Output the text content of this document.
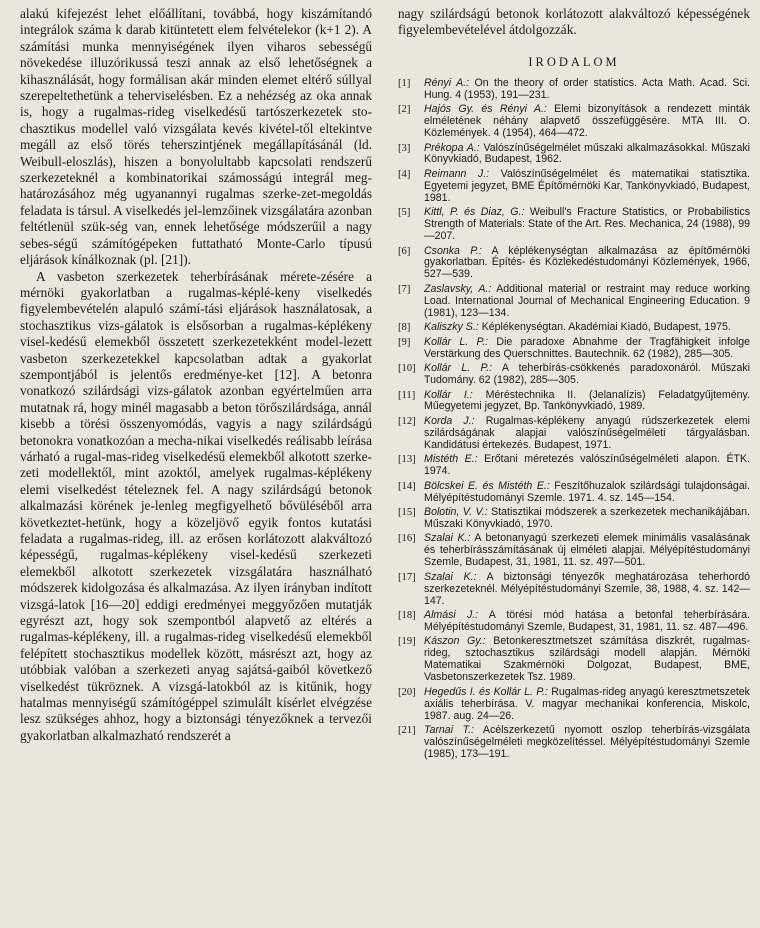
alakú kifejezést lehet előállítani, továbbá, hogy kiszámítandó integrálok száma k darab kitüntetett elem felvételekor (k+1 2). A számítási munka mennyiségének ilyen viharos sebességű növekedése illuzórikussá teszi annak az első lehetőségnek a kihasználását, hogy formálisan akár minden elemet eltérő súllyal szerepeltethetünk a teherviselésben. Ez a nehézség az oka annak is, hogy a rugalmas-rideg viselkedésű tartószerkezetek sto-chasztikus modellel való vizsgálata kevés kivétel-től eltekintve megáll az első törés teherszintjének megállapításánál (ld. Weibull-eloszlás), hiszen a bonyolultabb kapcsolati rendszerű szerkezeteknél a kombinatorikai számosságú integrál meg-határozásához még ugyanannyi rugalmas szerke-zet-megoldás feladata is társul. A viselkedés jel-lemzőinek vizsgálatára azonban feltétlenül szük-ség van, ennek lehetősége módszerűil a nagy sebes-ségű számítógépeken futtatható Monte-Carlo típusú eljárások kínálkoznak (pl. [21]).

A vasbeton szerkezetek teherbírásának mérete-zésére a mérnöki gyakorlatban a rugalmas-képlé-keny viselkedés figyelembevételén alapuló számí-tási eljárások használatosak, a stochasztikus vizs-gálatok is elsősorban a rugalmas-képlékeny visel-kedésű elemekből összetett szerkezetekként model-lezett vasbeton szerkezetekkel kapcsolatban adtak a gyakorlat szempontjából is jelentős eredménye-ket [12]. A betonra vonatkozó szilárdsági vizs-gálatok azonban egyértelműen arra mutatnak rá, hogy minél magasabb a beton törőszilárdsága, annál kisebb a törési összenyomódás, vagyis a nagy szilárdságú betonokra vonatkozóan a mecha-nikai viselkedés reálisabb leírása várható a rugal-mas-rideg viselkedésű elemekből alkotott szerke-zeti modellektől, mint azoktól, amelyek rugalmas-képlékeny elemi viselkedést tételeznek fel. A nagy szilárdságú betonok alkalmazási körének je-lenleg megfigyelhető bővüléséből arra következtet-hetünk, hogy a közeljövő egyik fontos kutatási feladata a rugalmas-rideg, ill. az erősen korlátozott alakváltozó képességű, rugalmas-képlékeny visel-kedésű szerkezeti elemekből alkotott szerkezetek vizsgálatára használható módszerek kidolgozása és alkalmazása. Az ilyen irányban indított vizsgá-latok [16—20] eddigi eredményei meggyőzően mutatják egyrészt azt, hogy sok szempontból alapvető az eltérés a rugalmas-képlékeny, ill. a rugalmas-rideg viselkedésű elemekből felépített stochasztikus modellek között, másrészt azt, hogy az utóbbiak valóban a szerkezeti anyag sajátsá-gaiból következő viselkedést tükröznek. A vizsgá-latokból az is kitűnik, hogy hatalmas mennyiségű számítógéppel szimulált kísérlet elvégzése lesz szükséges ahhoz, hogy a biztonsági tényezőknek a tervezői gyakorlatban alkalmazható rendszerét a

nagy szilárdságú betonok korlátozott alakváltozó képességének figyelembevételével átdolgozzák.

IRODALOM
[1] Rényi A.: On the theory of order statistics. Acta Math. Acad. Sci. Hung. 4 (1953), 191—231.
[2] Hajós Gy. és Rényi A.: Elemi bizonyítások a rendezett minták elméletének néhány alapvető összefüggésére. MTA III. O. Közlemények. 4 (1954), 464—472.
[3] Prékopa A.: Valószínűségelmélet műszaki alkalmazásokkal. Műszaki Könyvkiadó, Budapest, 1962.
[4] Reimann J.: Valószínűségelmélet és matematikai statisztika. Egyetemi jegyzet, BME Építőmérnöki Kar, Tankönyvkiadó, Budapest, 1981.
[5] Kittl, P. és Diaz, G.: Weibull's Fracture Statistics, or Probabilistics Strength of Materials: State of the Art. Res. Mechanica, 24 (1988), 99—207.
[6] Csonka P.: A képlékenységtan alkalmazása az építőmérnöki gyakorlatban. Építés- és Közlekedéstudományi Közlemények, 1966, 527—539.
[7] Zaslavsky, A.: Additional material or restraint may reduce working Load. International Journal of Mechanical Engineering Education. 9 (1981), 123—134.
[8] Kaliszky S.: Képlékenységtan. Akadémiai Kiadó, Budapest, 1975.
[9] Kollár L. P.: Die paradoxe Abnahme der Tragfähigkeit infolge Verstärkung des Querschnittes. Bautechnik. 62 (1982), 285—305.
[10] Kollár L. P.: A teherbírás-csökkenés paradoxonáról. Műszaki Tudomány. 62 (1982), 285—305.
[11] Kollár I.: Méréstechnika II. (Jelanalízis) Feladatgyűjtemény. Műegyetemi jegyzet, Bp. Tankönyvkiadó, 1989.
[12] Korda J.: Rugalmas-képlékeny anyagú rúdszerkezetek elemi szilárdságának alapjai valószínűségelméleti tárgyalásban. Kandidátusi értekezés. Budapest, 1971.
[13] Mistéth E.: Erőtani méretezés valószínűségelméleti alapon. ÉTK. 1974.
[14] Bölcskei E. és Mistéth E.: Feszítőhuzalok szilárdsági tulajdonságai. Mélyépítéstudományi Szemle. 1971. 4. sz. 145—154.
[15] Bolotin, V. V.: Statisztikai módszerek a szerkezetek mechanikájában. Műszaki Könyvkiadó, 1970.
[16] Szalai K.: A betonanyagú szerkezeti elemek minimális vasalásának és teherbírásszámításának új elméleti alapjai. Mélyépítéstudományi Szemle, Budapest, 31, 1981, 11. sz. 497—501.
[17] Szalai K.: A biztonsági tényezők meghatározása teherhordó szerkezeteknél. Mélyépítéstudományi Szemle, 38, 1988, 4. sz. 142—147.
[18] Almási J.: A törési mód hatása a betonfal teherbírására. Mélyépítéstudományi Szemle, Budapest, 31, 1981, 11. sz. 487—496.
[19] Kászon Gy.: Betonkeresztmetszet számítása diszkrét, rugalmas-rideg, sztochasztikus szilárdsági modell alapján. Mérnöki Matematikai Szakmérnöki Dolgozat, Budapest, BME, Vasbetonszerkezetek Tsz. 1989.
[20] Hegedűs I. és Kollár L. P.: Rugalmas-rideg anyagú keresztmetszetek axiális teherbírása. V. magyar mechanikai konferencia, Miskolc, 1987. aug. 24—26.
[21] Tarnai T.: Acélszerkezetű nyomott oszlop teherbírás-vizsgálata valószínűségelméleti megközelítéssel. Mélyépítéstudományi Szemle (1985), 173—191.
